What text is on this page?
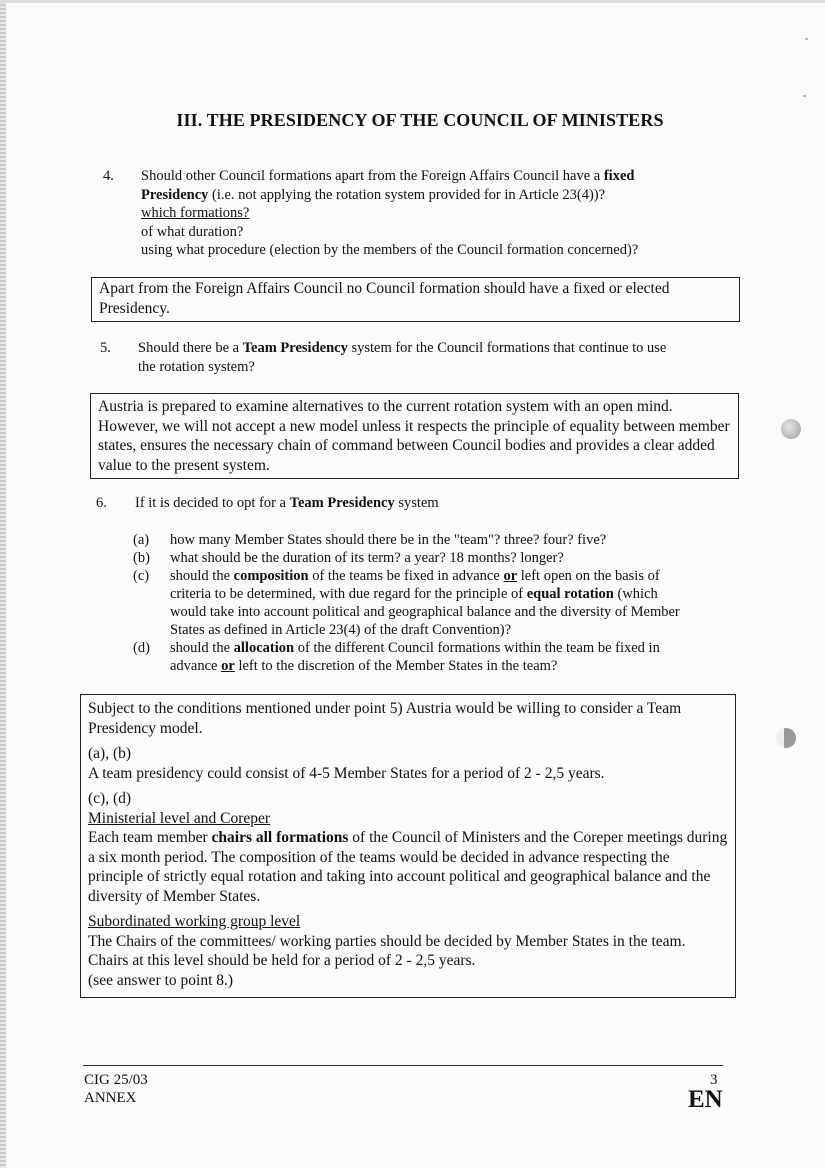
III. THE PRESIDENCY OF THE COUNCIL OF MINISTERS
4. Should other Council formations apart from the Foreign Affairs Council have a fixed
Presidency (i.e. not applying the rotation system provided for in Article 23(4))?
which formations?
of what duration?
using what procedure (election by the members of the Council formation concerned)?

Apart from the Foreign Affairs Council no Council formation should have a fixed or elected Presidency.

5. Should there be a Team Presidency system for the Council formations that continue to use
the rotation system?

Austria is prepared to examine alternatives to the current rotation system with an open mind. However, we will not accept a new model unless it respects the principle of equality between member states, ensures the necessary chain of command between Council bodies and provides a clear added value to the present system.

6. If it is decided to opt for a Team Presidency system
(a) how many Member States should there be in the "team"? three? four? five?
(b) what should be the duration of its term? a year? 18 months? longer?
(c) should the composition of the teams be fixed in advance or left open on the basis of
criteria to be determined, with due regard for the principle of equal rotation (which
would take into account political and geographical balance and the diversity of Member
States as defined in Article 23(4) of the draft Convention)?
(d) should the allocation of the different Council formations within the team be fixed in
advance or left to the discretion of the Member States in the team?

Subject to the conditions mentioned under point 5) Austria would be willing to consider a Team Presidency model.

(a), (b)

A team presidency could consist of 4-5 Member States for a period of 2 - 2,5 years.

(c), (d)

Ministerial level and Coreper

Each team member chairs all formations of the Council of Ministers and the Coreper meetings during a six month period. The composition of the teams would be decided in advance respecting the principle of strictly equal rotation and taking into account political and geographical balance and the diversity of Member States.

Subordinated working group level

The Chairs of the committees/ working parties should be decided by Member States in the team. Chairs at this level should be held for a period of 2 - 2,5 years.

(see answer to point 8.)

CIG 25/03
ANNEX
3
EN
